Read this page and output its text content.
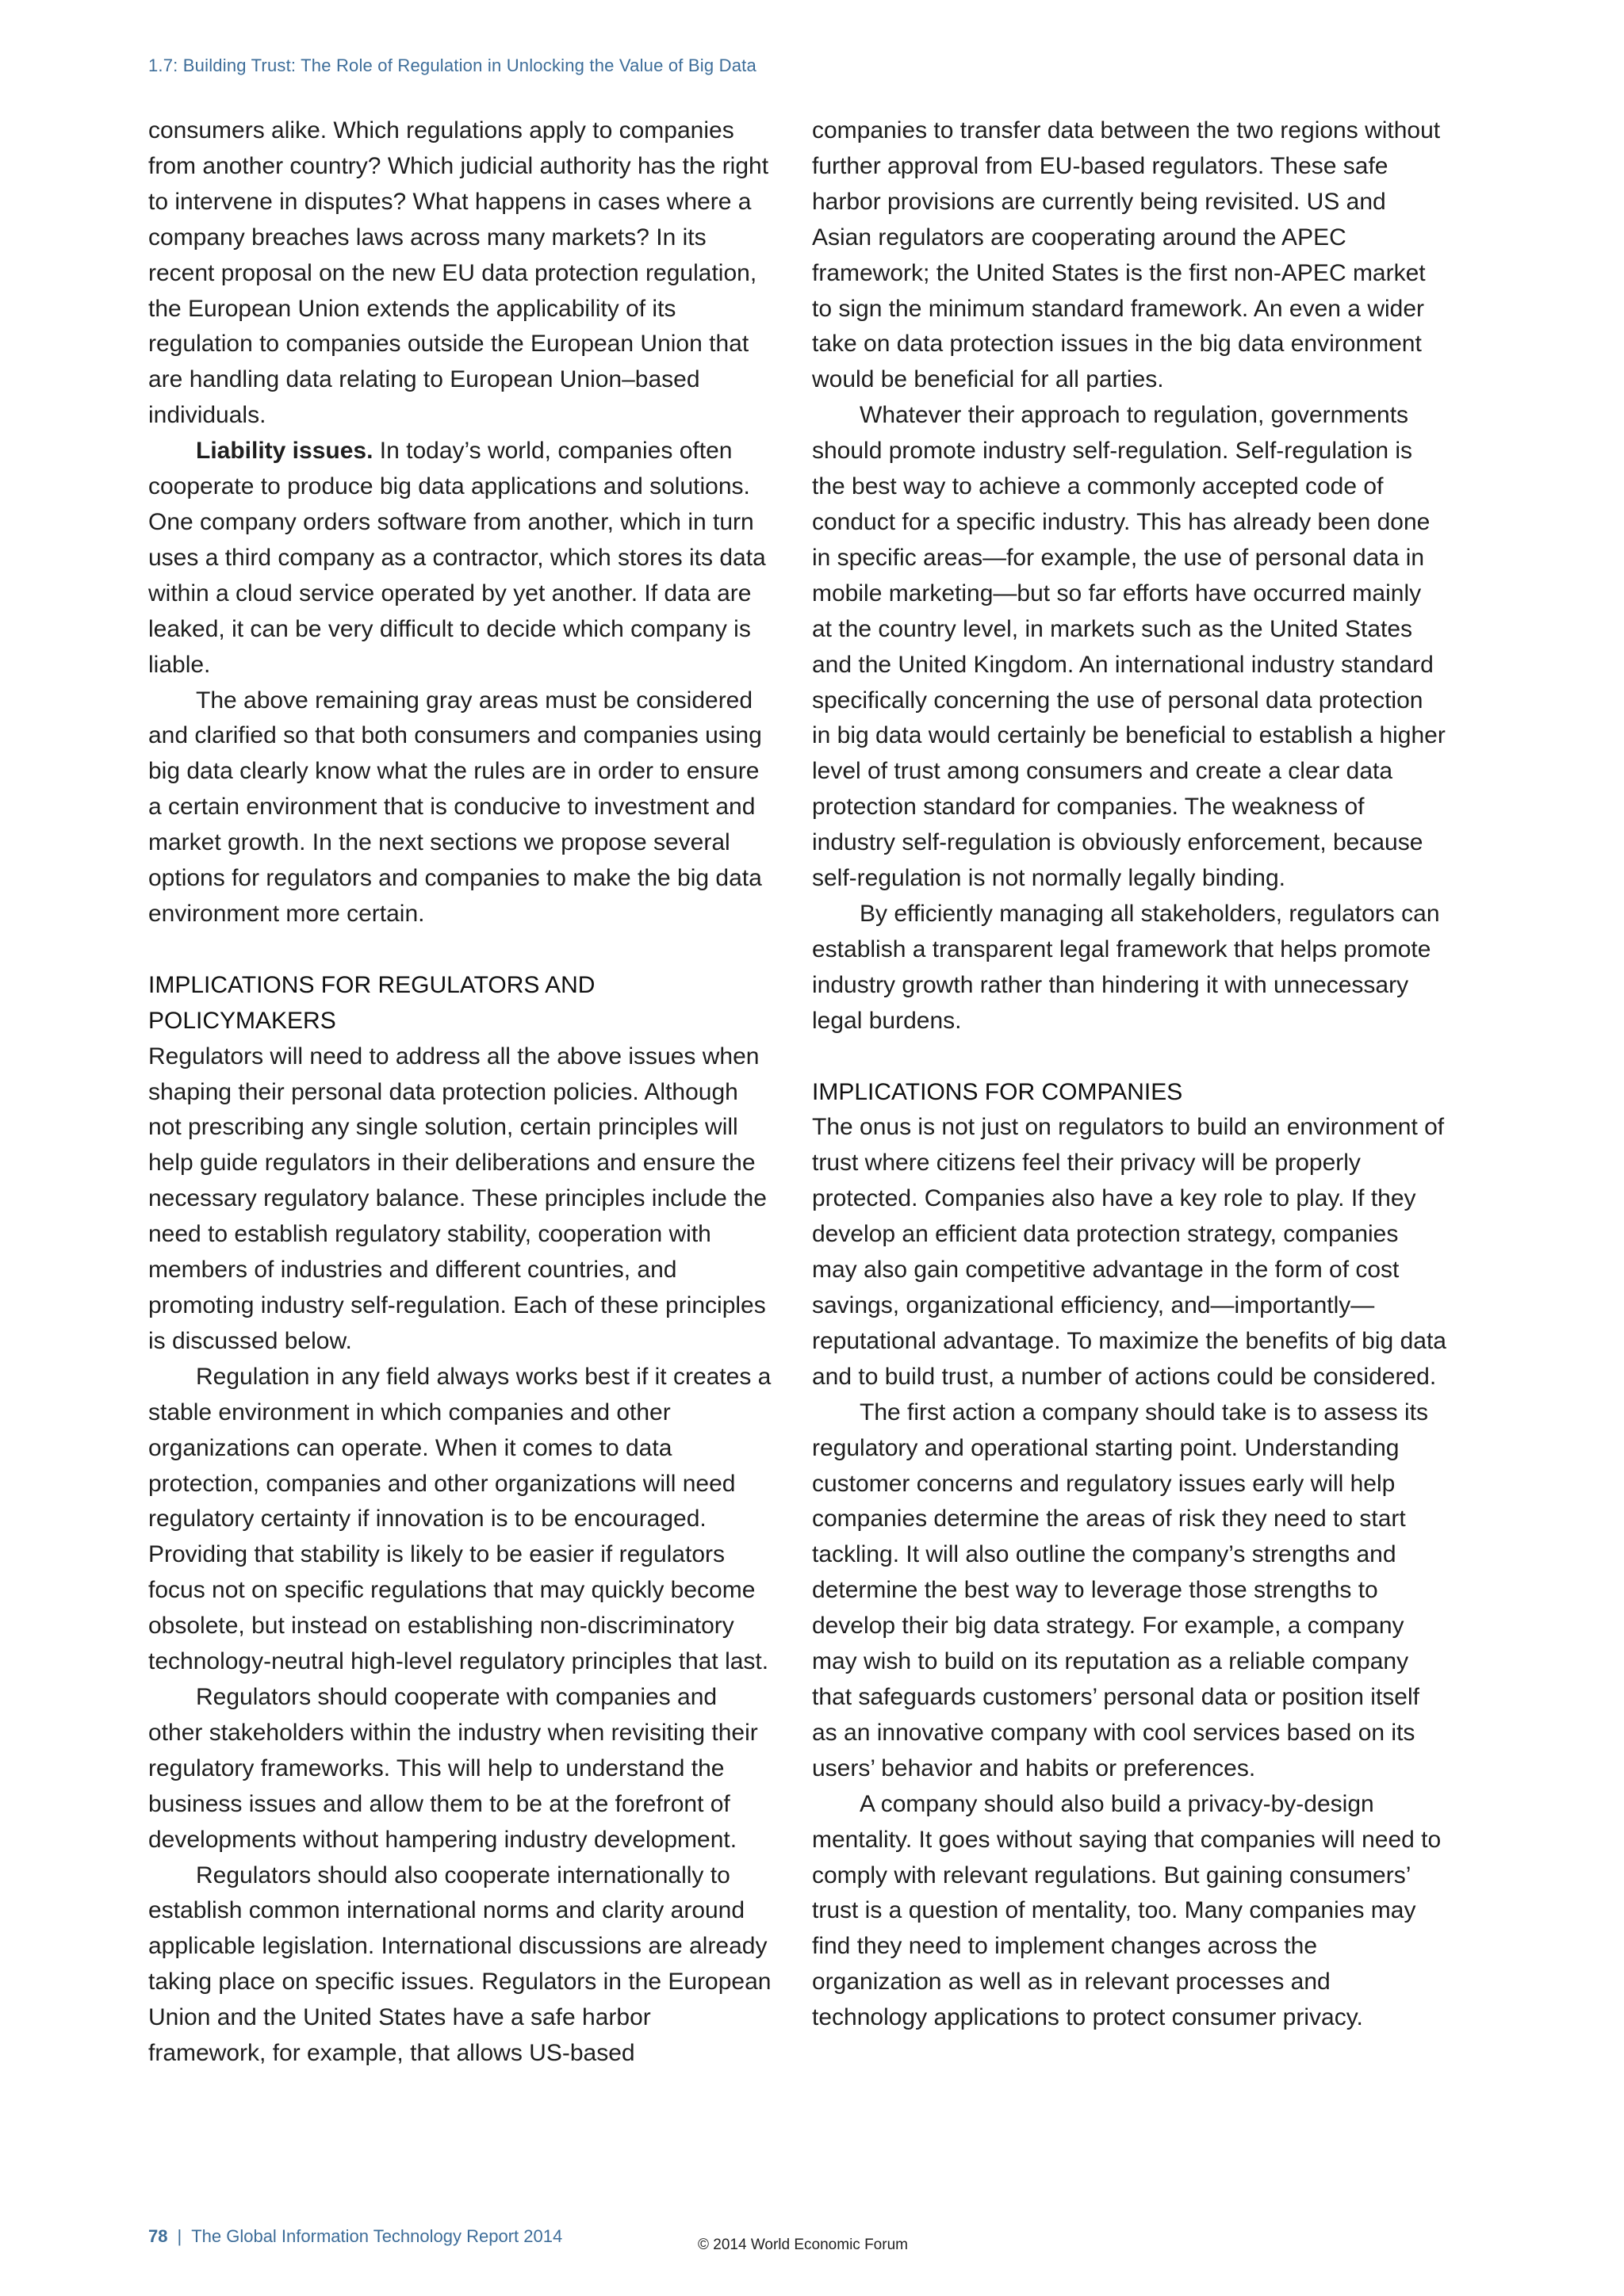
1.7: Building Trust: The Role of Regulation in Unlocking the Value of Big Data

consumers alike. Which regulations apply to companies from another country? Which judicial authority has the right to intervene in disputes? What happens in cases where a company breaches laws across many markets? In its recent proposal on the new EU data protection regulation, the European Union extends the applicability of its regulation to companies outside the European Union that are handling data relating to European Union–based individuals.

Liability issues. In today’s world, companies often cooperate to produce big data applications and solutions. One company orders software from another, which in turn uses a third company as a contractor, which stores its data within a cloud service operated by yet another. If data are leaked, it can be very difficult to decide which company is liable.

The above remaining gray areas must be considered and clarified so that both consumers and companies using big data clearly know what the rules are in order to ensure a certain environment that is conducive to investment and market growth. In the next sections we propose several options for regulators and companies to make the big data environment more certain.

IMPLICATIONS FOR REGULATORS AND POLICYMAKERS

Regulators will need to address all the above issues when shaping their personal data protection policies. Although not prescribing any single solution, certain principles will help guide regulators in their deliberations and ensure the necessary regulatory balance. These principles include the need to establish regulatory stability, cooperation with members of industries and different countries, and promoting industry self-regulation. Each of these principles is discussed below.

Regulation in any field always works best if it creates a stable environment in which companies and other organizations can operate. When it comes to data protection, companies and other organizations will need regulatory certainty if innovation is to be encouraged. Providing that stability is likely to be easier if regulators focus not on specific regulations that may quickly become obsolete, but instead on establishing non-discriminatory technology-neutral high-level regulatory principles that last.

Regulators should cooperate with companies and other stakeholders within the industry when revisiting their regulatory frameworks. This will help to understand the business issues and allow them to be at the forefront of developments without hampering industry development.

Regulators should also cooperate internationally to establish common international norms and clarity around applicable legislation. International discussions are already taking place on specific issues. Regulators in the European Union and the United States have a safe harbor framework, for example, that allows US-based

companies to transfer data between the two regions without further approval from EU-based regulators. These safe harbor provisions are currently being revisited. US and Asian regulators are cooperating around the APEC framework; the United States is the first non-APEC market to sign the minimum standard framework. An even a wider take on data protection issues in the big data environment would be beneficial for all parties.

Whatever their approach to regulation, governments should promote industry self-regulation. Self-regulation is the best way to achieve a commonly accepted code of conduct for a specific industry. This has already been done in specific areas—for example, the use of personal data in mobile marketing—but so far efforts have occurred mainly at the country level, in markets such as the United States and the United Kingdom. An international industry standard specifically concerning the use of personal data protection in big data would certainly be beneficial to establish a higher level of trust among consumers and create a clear data protection standard for companies. The weakness of industry self-regulation is obviously enforcement, because self-regulation is not normally legally binding.

By efficiently managing all stakeholders, regulators can establish a transparent legal framework that helps promote industry growth rather than hindering it with unnecessary legal burdens.

IMPLICATIONS FOR COMPANIES

The onus is not just on regulators to build an environment of trust where citizens feel their privacy will be properly protected. Companies also have a key role to play. If they develop an efficient data protection strategy, companies may also gain competitive advantage in the form of cost savings, organizational efficiency, and—importantly—reputational advantage. To maximize the benefits of big data and to build trust, a number of actions could be considered.

The first action a company should take is to assess its regulatory and operational starting point. Understanding customer concerns and regulatory issues early will help companies determine the areas of risk they need to start tackling. It will also outline the company’s strengths and determine the best way to leverage those strengths to develop their big data strategy. For example, a company may wish to build on its reputation as a reliable company that safeguards customers’ personal data or position itself as an innovative company with cool services based on its users’ behavior and habits or preferences.

A company should also build a privacy-by-design mentality. It goes without saying that companies will need to comply with relevant regulations. But gaining consumers’ trust is a question of mentality, too. Many companies may find they need to implement changes across the organization as well as in relevant processes and technology applications to protect consumer privacy.

78 | The Global Information Technology Report 2014	© 2014 World Economic Forum
